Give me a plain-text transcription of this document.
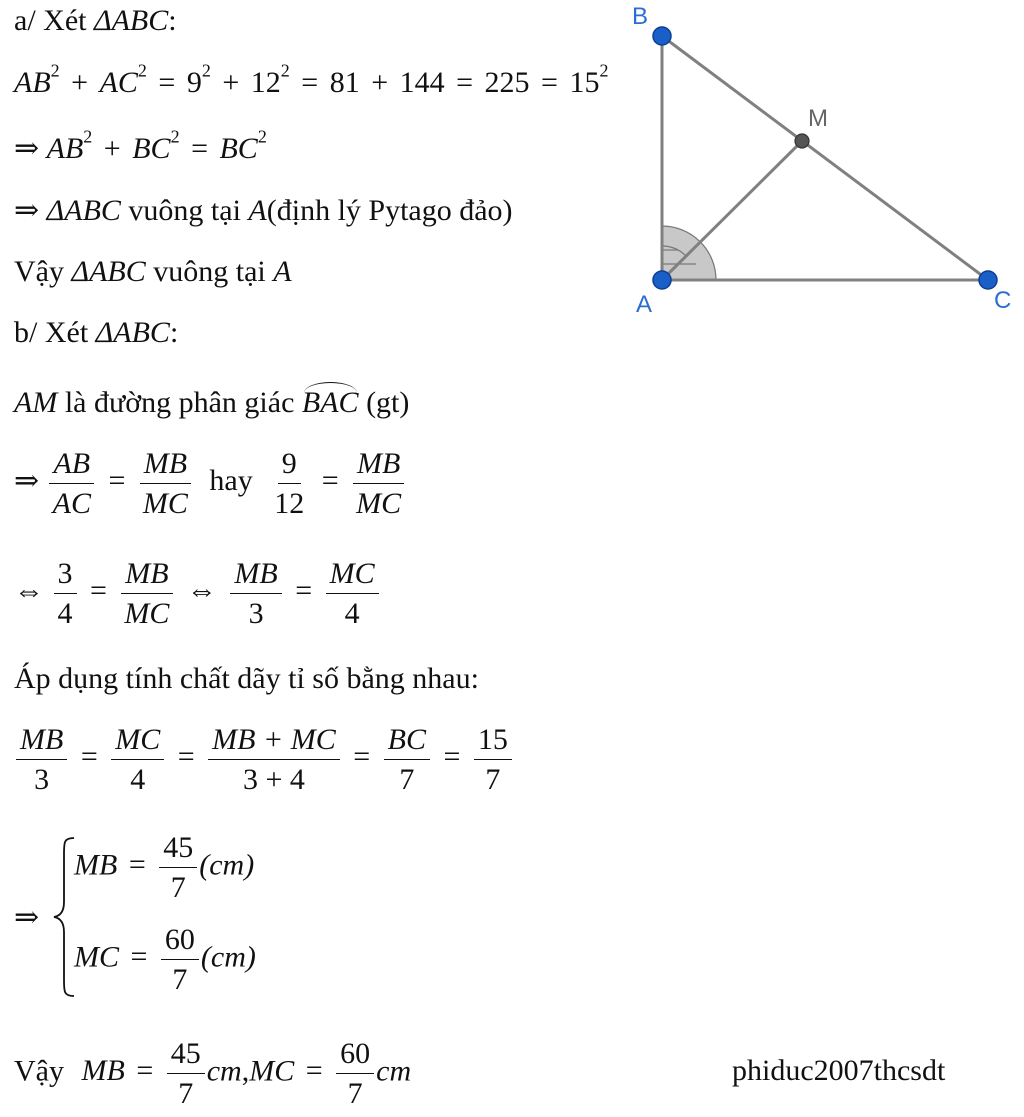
a/ Xét ΔABC:
$AB^2 + AC^2 = 9^2 + 12^2 = 81 + 144 = 225 = 15^2$
⇒ $AB^2 + BC^2 = BC^2$
⇒ ΔABC vuông tại A(định lý Pytago đảo)
Vậy ΔABC vuông tại A
b/ Xét ΔABC:
AM là đường phân giác BAC (gt)
⇒ $\frac{AB}{AC} = \frac{MB}{MC}$ hay $\frac{9}{12} = \frac{MB}{MC}$
⇔ $\frac{3}{4} = \frac{MB}{MC}$ ⇔ $\frac{MB}{3} = \frac{MC}{4}$
Áp dụng tính chất dãy tỉ số bằng nhau:
$\frac{MB}{3} = \frac{MC}{4} = \frac{MB + MC}{3 + 4} = \frac{BC}{7} = \frac{15}{7}$
⇒
MB = $\frac{45}{7} (cm)$
MC = $\frac{60}{7} (cm)$
Vậy MB = $\frac{45}{7} cm,MC = \frac{60}{7}$ cm	phiduc2007thcsdt
B
A	C
M
